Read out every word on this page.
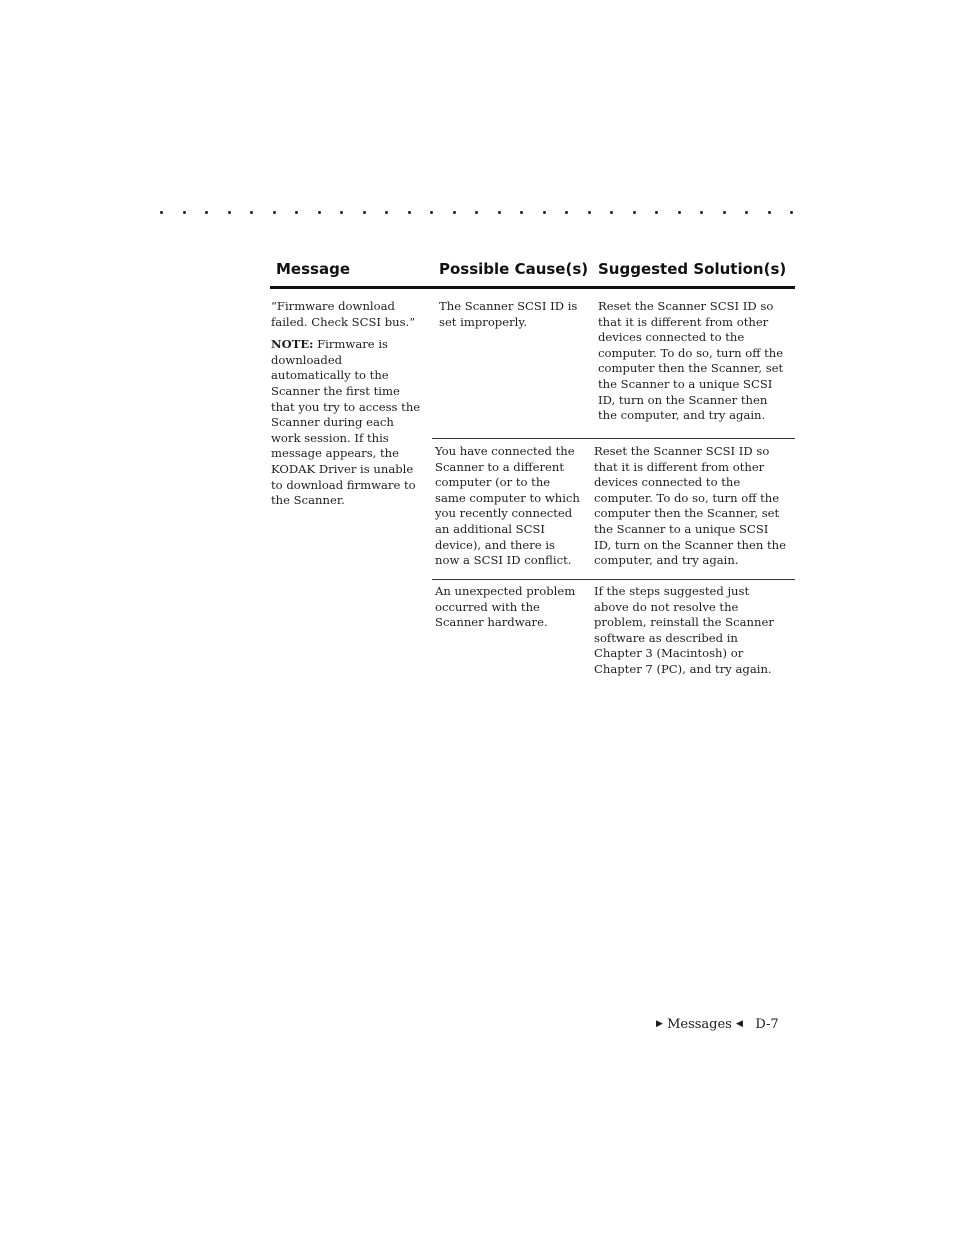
Message	Possible Cause(s) Suggested Solution(s)

“Firmware download failed. Check SCSI bus.”

NOTE: Firmware is downloaded automatically to the Scanner the first time that you try to access the Scanner during each work session. If this message appears, the KODAK Driver is unable to download firmware to the Scanner.

The Scanner SCSI ID is set improperly.
Reset the Scanner SCSI ID so that it is different from other devices connected to the computer. To do so, turn off the computer then the Scanner, set the Scanner to a unique SCSI ID, turn on the Scanner then the computer, and try again.
You have connected the Scanner to a different computer (or to the same computer to which you recently connected an additional SCSI device), and there is now a SCSI ID conflict.
Reset the Scanner SCSI ID so that it is different from other devices connected to the computer. To do so, turn off the computer then the Scanner, set the Scanner to a unique SCSI ID, turn on the Scanner then the computer, and try again.
An unexpected problem occurred with the Scanner hardware.
If the steps suggested just above do not resolve the problem, reinstall the Scanner software as described in Chapter 3 (Macintosh) or Chapter 7 (PC), and try again.
▶ Messages ◀ D-7
